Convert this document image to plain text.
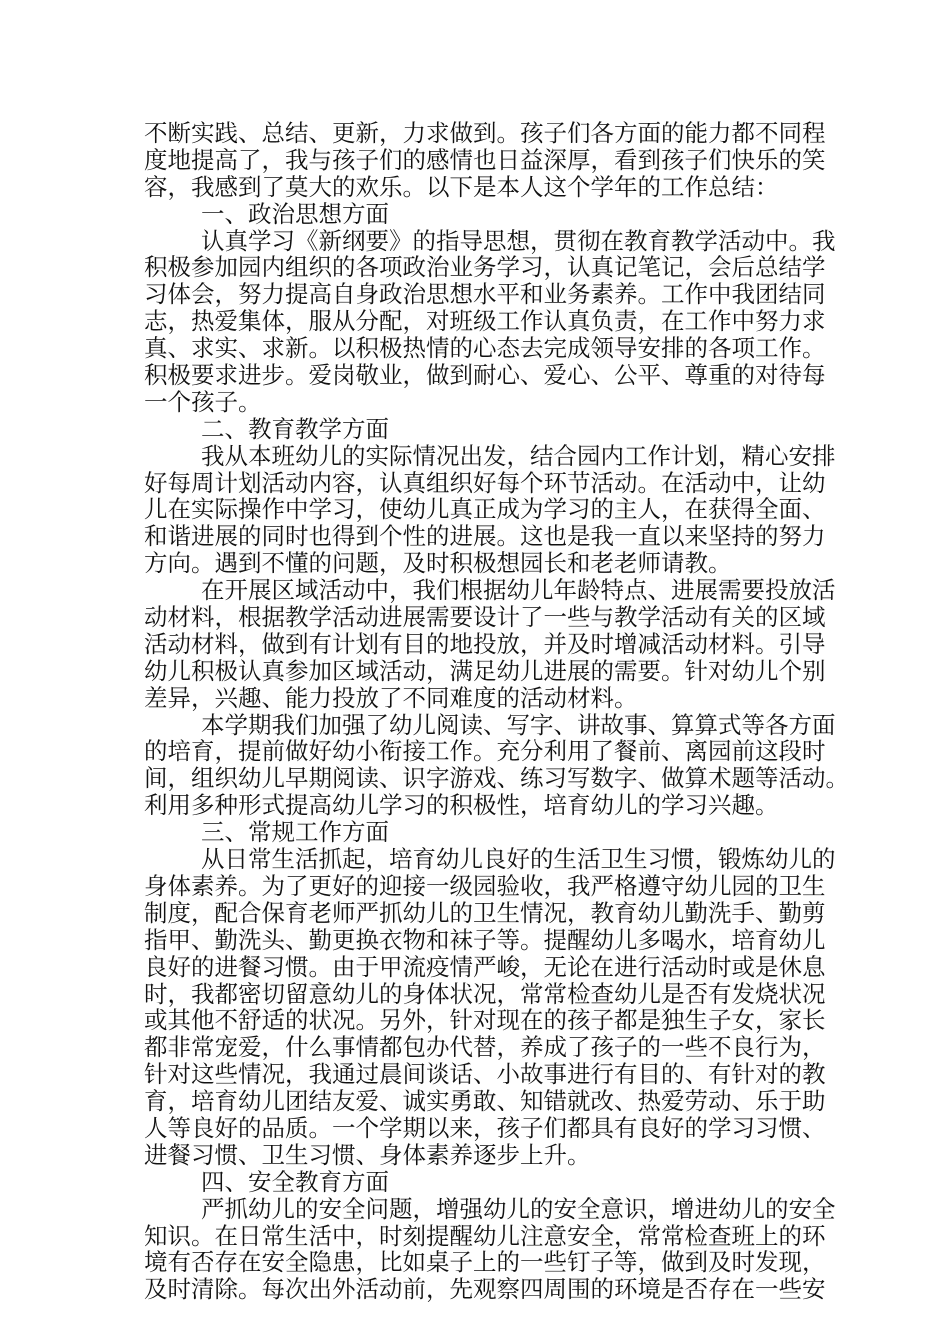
不断实践、总结、更新，力求做到。孩子们各方面的能力都不同程
度地提高了，我与孩子们的感情也日益深厚，看到孩子们快乐的笑
容，我感到了莫大的欢乐。以下是本人这个学年的工作总结：
一、政治思想方面
认真学习《新纲要》的指导思想，贯彻在教育教学活动中。我
积极参加园内组织的各项政治业务学习，认真记笔记，会后总结学
习体会，努力提高自身政治思想水平和业务素养。工作中我团结同
志，热爱集体，服从分配，对班级工作认真负责，在工作中努力求
真、求实、求新。以积极热情的心态去完成领导安排的各项工作。
积极要求进步。爱岗敬业，做到耐心、爱心、公平、尊重的对待每
一个孩子。
二、教育教学方面
我从本班幼儿的实际情况出发，结合园内工作计划，精心安排
好每周计划活动内容，认真组织好每个环节活动。在活动中，让幼
儿在实际操作中学习，使幼儿真正成为学习的主人，在获得全面、
和谐进展的同时也得到个性的进展。这也是我一直以来坚持的努力
方向。遇到不懂的问题，及时积极想园长和老老师请教。
在开展区域活动中，我们根据幼儿年龄特点、进展需要投放活
动材料，根据教学活动进展需要设计了一些与教学活动有关的区域
活动材料，做到有计划有目的地投放，并及时增减活动材料。引导
幼儿积极认真参加区域活动，满足幼儿进展的需要。针对幼儿个别
差异，兴趣、能力投放了不同难度的活动材料。
本学期我们加强了幼儿阅读、写字、讲故事、算算式等各方面
的培育，提前做好幼小衔接工作。充分利用了餐前、离园前这段时
间，组织幼儿早期阅读、识字游戏、练习写数字、做算术题等活动。
利用多种形式提高幼儿学习的积极性，培育幼儿的学习兴趣。
三、常规工作方面
从日常生活抓起，培育幼儿良好的生活卫生习惯，锻炼幼儿的
身体素养。为了更好的迎接一级园验收，我严格遵守幼儿园的卫生
制度，配合保育老师严抓幼儿的卫生情况，教育幼儿勤洗手、勤剪
指甲、勤洗头、勤更换衣物和袜子等。提醒幼儿多喝水，培育幼儿
良好的进餐习惯。由于甲流疫情严峻，无论在进行活动时或是休息
时，我都密切留意幼儿的身体状况，常常检查幼儿是否有发烧状况
或其他不舒适的状况。另外，针对现在的孩子都是独生子女，家长
都非常宠爱，什么事情都包办代替，养成了孩子的一些不良行为，
针对这些情况，我通过晨间谈话、小故事进行有目的、有针对的教
育，培育幼儿团结友爱、诚实勇敢、知错就改、热爱劳动、乐于助
人等良好的品质。一个学期以来，孩子们都具有良好的学习习惯、
进餐习惯、卫生习惯、身体素养逐步上升。
四、安全教育方面
严抓幼儿的安全问题，增强幼儿的安全意识，增进幼儿的安全
知识。在日常生活中，时刻提醒幼儿注意安全，常常检查班上的环
境有否存在安全隐患，比如桌子上的一些钉子等，做到及时发现，
及时清除。每次出外活动前，先观察四周围的环境是否存在一些安
